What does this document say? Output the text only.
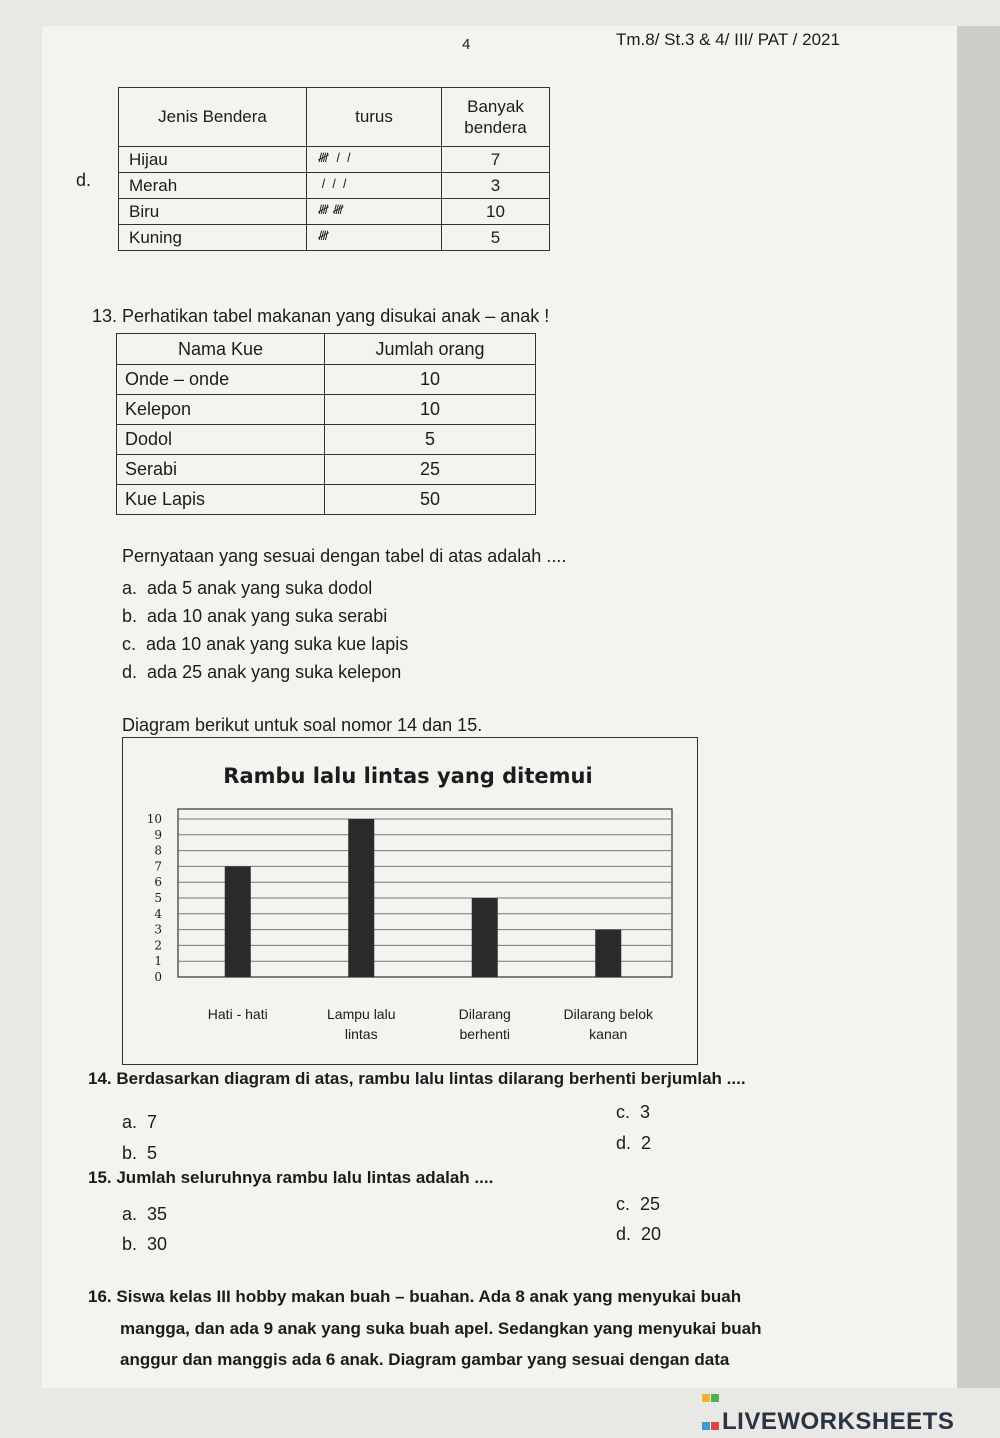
4	Tm.8/ St.3 & 4/ III/ PAT / 2021
d.
Jenis Bendera	turus	Banyak bendera
Hijau	𝍸 𝍷𝍷	7
Merah	𝍷𝍷𝍷	3
Biru	𝍸 𝍸	10
Kuning	𝍸	5
13. Perhatikan tabel makanan yang disukai anak – anak !
Nama Kue	Jumlah orang
Onde – onde	10
Kelepon	10
Dodol	5
Serabi	25
Kue Lapis	50
Pernyataan yang sesuai dengan tabel di atas adalah ....
a. ada 5 anak yang suka dodol
b. ada 10 anak yang suka serabi
c. ada 10 anak yang suka kue lapis
d. ada 25 anak yang suka kelepon
Diagram berikut untuk soal nomor 14 dan 15.
Rambu lalu lintas yang ditemui
0
1
2
3
4
5
6
7
8
9
10
Hati - hati	Lampu lalu
lintas
Dilarang
berhenti
Dilarang belok
kanan
14. Berdasarkan diagram di atas, rambu lalu lintas dilarang berhenti berjumlah ....
a. 7
b. 5
c. 3
d. 2
15. Jumlah seluruhnya rambu lalu lintas adalah ....
a. 35
b. 30
c. 25
d. 20
16. Siswa kelas III hobby makan buah – buahan. Ada 8 anak yang menyukai buah
mangga, dan ada 9 anak yang suka buah apel. Sedangkan yang menyukai buah
anggur dan manggis ada 6 anak. Diagram gambar yang sesuai dengan data
LIVEWORKSHEETS
